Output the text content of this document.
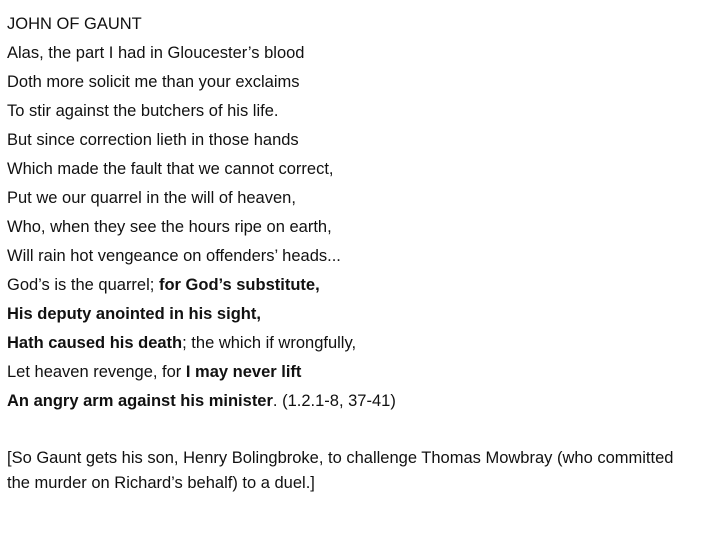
JOHN OF GAUNT
Alas, the part I had in Gloucester’s blood
Doth more solicit me than your exclaims
To stir against the butchers of his life.
But since correction lieth in those hands
Which made the fault that we cannot correct,
Put we our quarrel in the will of heaven,
Who, when they see the hours ripe on earth,
Will rain hot vengeance on offenders’ heads...
God’s is the quarrel; for God’s substitute,
His deputy anointed in his sight,
Hath caused his death; the which if wrongfully,
Let heaven revenge, for I may never lift
An angry arm against his minister. (1.2.1-8, 37-41)
[So Gaunt gets his son, Henry Bolingbroke, to challenge Thomas Mowbray (who committed the murder on Richard’s behalf) to a duel.]
